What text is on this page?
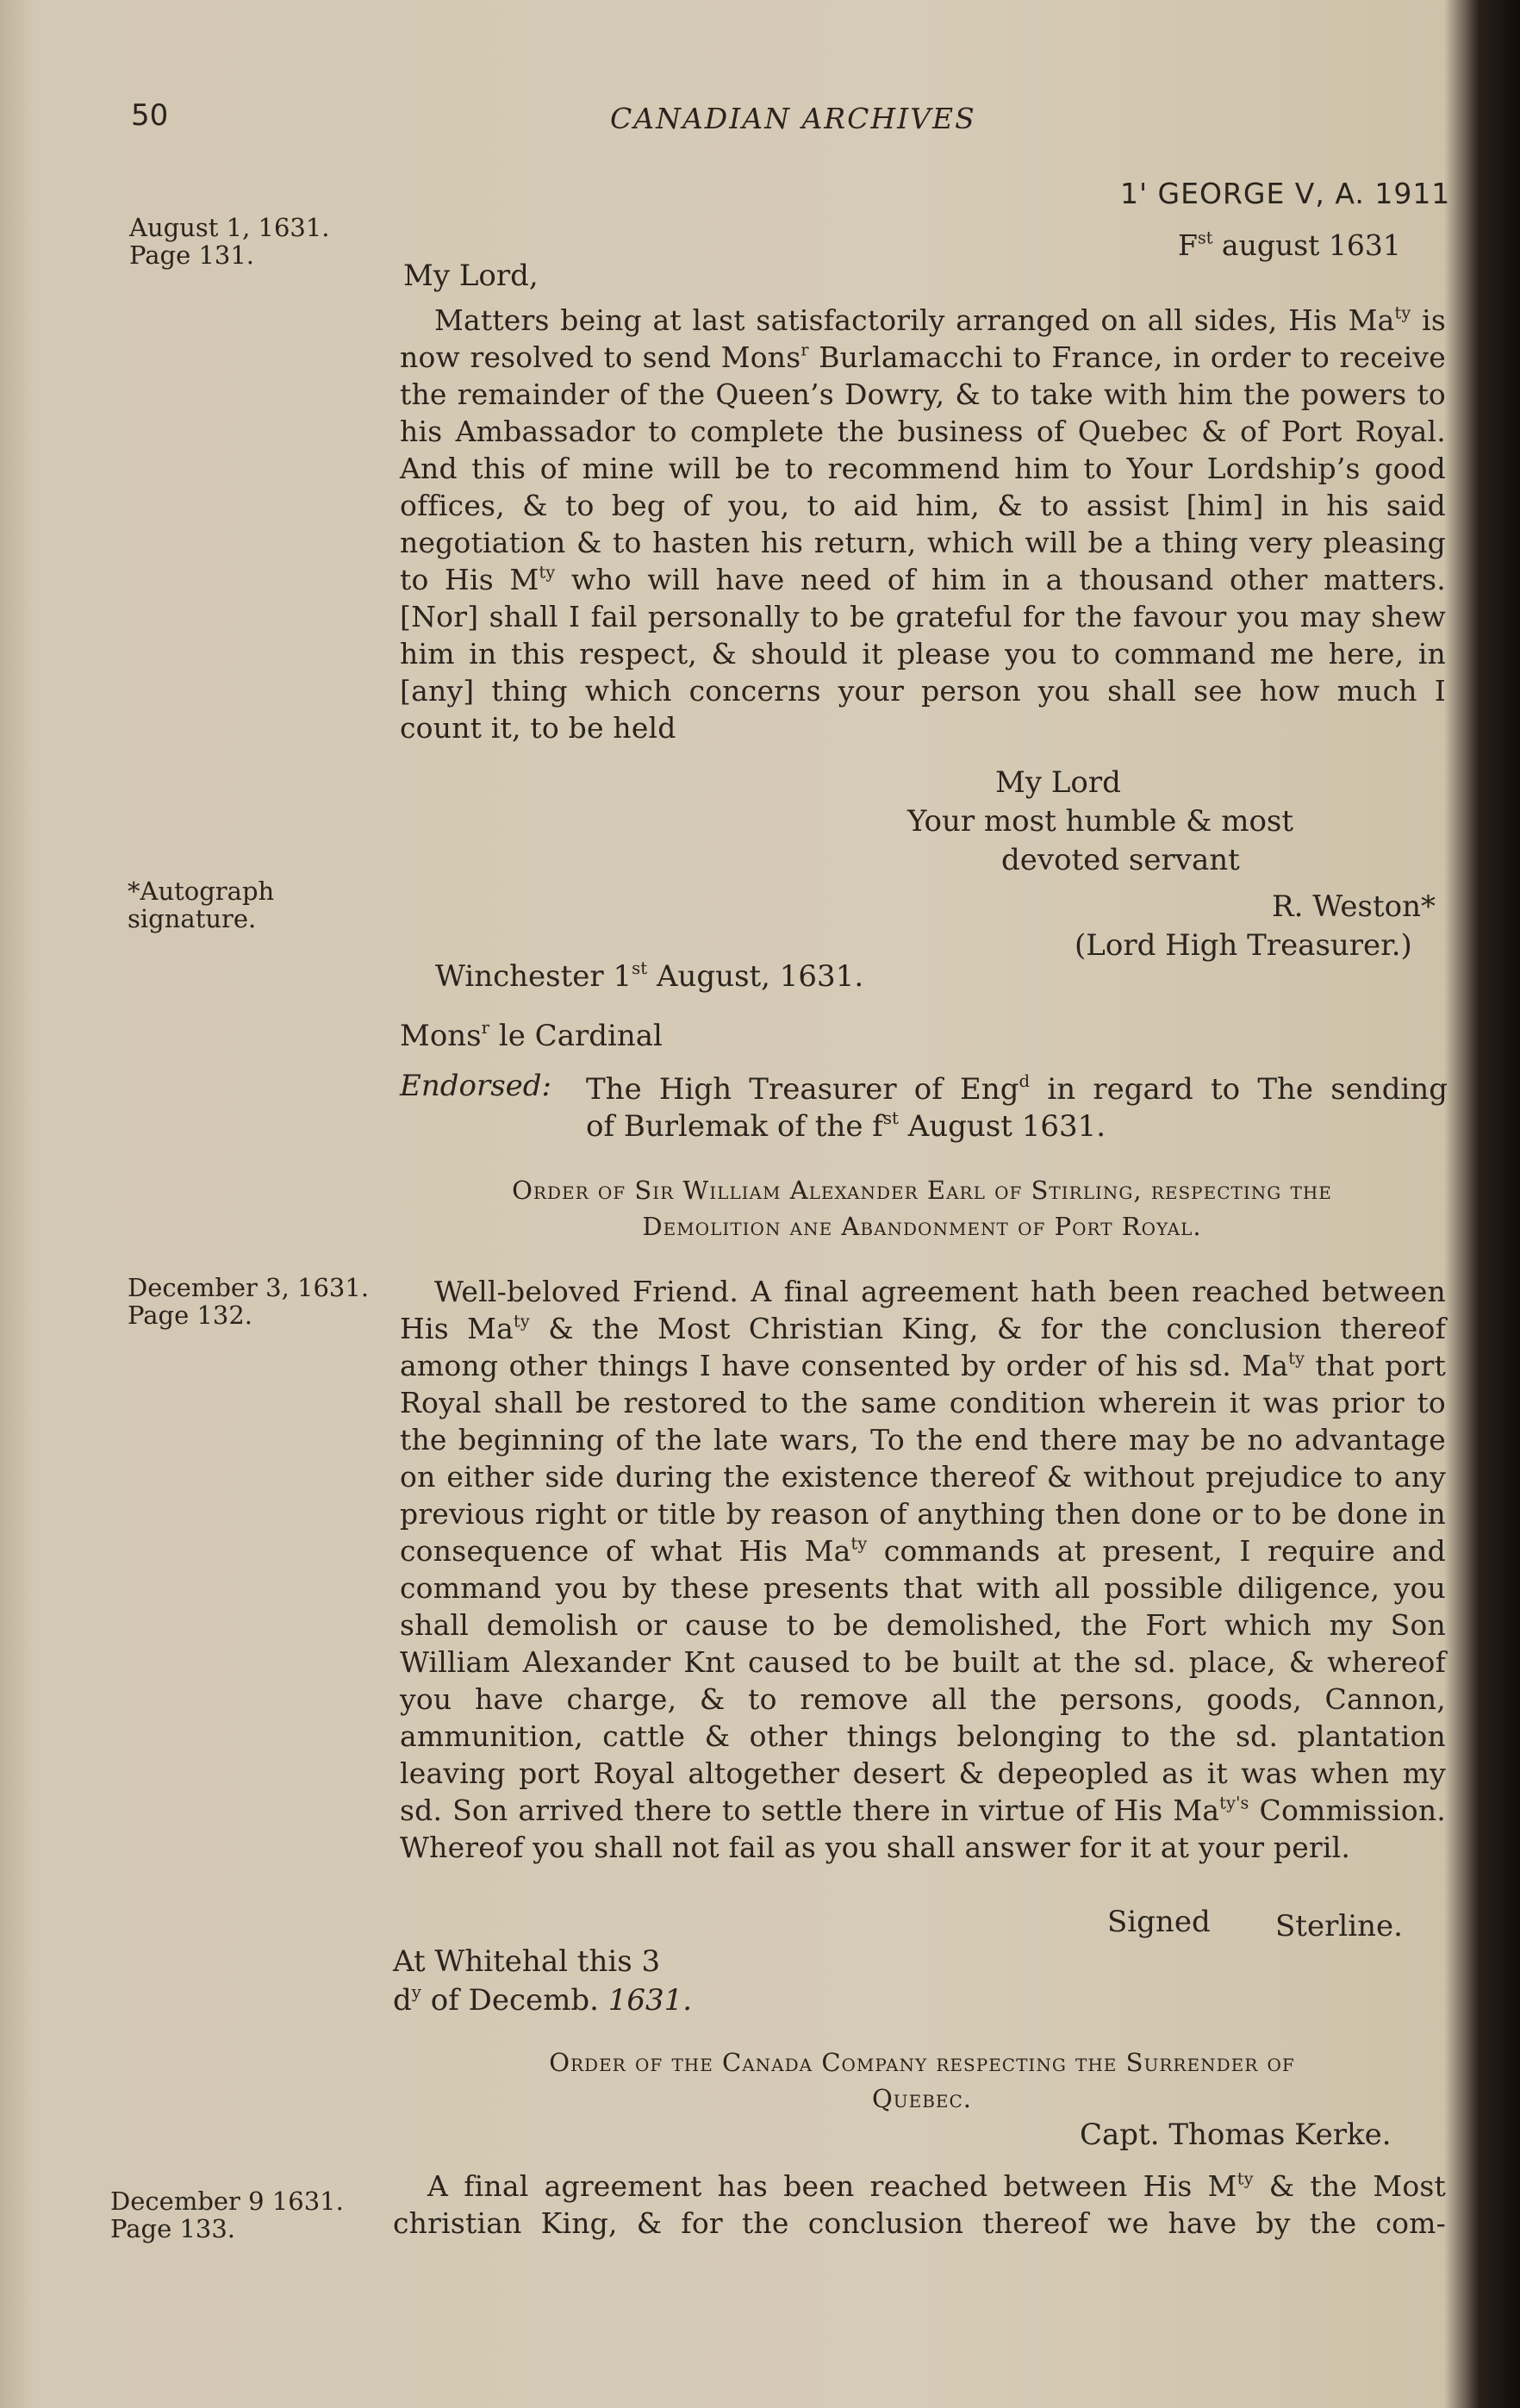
50	CANADIAN ARCHIVES
1' GEORGE V, A. 1911
August 1, 1631.
Page 131.	$F^{st}$ august 1631
My Lord,

Matters being at last satisfactorily arranged on all sides, His $Ma^{ty}$ is now resolved to send Mons$^r$ Burlamacchi to France, in order to receive the remainder of the Queen’s Dowry, & to take with him the powers to his Ambassador to complete the business of Quebec & of Port Royal. And this of mine will be to recommend him to Your Lordship’s good offices, & to beg of you, to aid him, & to assist [him] in his said negotiation & to hasten his return, which will be a thing very pleasing to His $M^{ty}$ who will have need of him in a thousand other matters. [Nor] shall I fail personally to be grateful for the favour you may shew him in this respect, & should it please you to command me here, in [any] thing which concerns your person you shall see how much I count it, to be held

My Lord
Your most humble & most
devoted servant
R. Weston*
(Lord High Treasurer.)
*Autograph
signature.
Winchester 1st August, 1631.
Mons$^r$ le Cardinal
Endorsed: The High Treasurer of Eng$^d$ in regard to The sending
of Burlemak of the $f^{st}$ August 1631.
Order of Sir William Alexander Earl of Stirling, respecting the
Demolition ane Abandonment of Port Royal.
December 3, 1631.
Page 132.

Well-beloved Friend. A final agreement hath been reached between His $Ma^{ty}$ & the Most Christian King, & for the conclusion thereof among other things I have consented by order of his sd. $Ma^{ty}$ that port Royal shall be restored to the same condition wherein it was prior to the beginning of the late wars, To the end there may be no advantage on either side during the existence thereof & without prejudice to any previous right or title by reason of anything then done or to be done in consequence of what His $Ma^{ty}$ commands at present, I require and command you by these presents that with all possible diligence, you shall demolish or cause to be demolished, the Fort which my Son William Alexander Knt caused to be built at the sd. place, & whereof you have charge, & to remove all the persons, goods, Cannon, ammunition, cattle & other things belonging to the sd. plantation leaving port Royal altogether desert & depeopled as it was when my sd. Son arrived there to settle there in virtue of His $Ma^{ty's}$ Commission. Whereof you shall not fail as you shall answer for it at your peril.

Signed Sterline.
At Whitehal this 3
$d^y$ of Decemb. 1631.
Order of the Canada Company respecting the Surrender of
Quebec.
Capt. Thomas Kerke.
December 9 1631.
Page 133.

A final agreement has been reached between His $M^{ty}$ & the Most
christian King, & for the conclusion thereof we have by the com-
